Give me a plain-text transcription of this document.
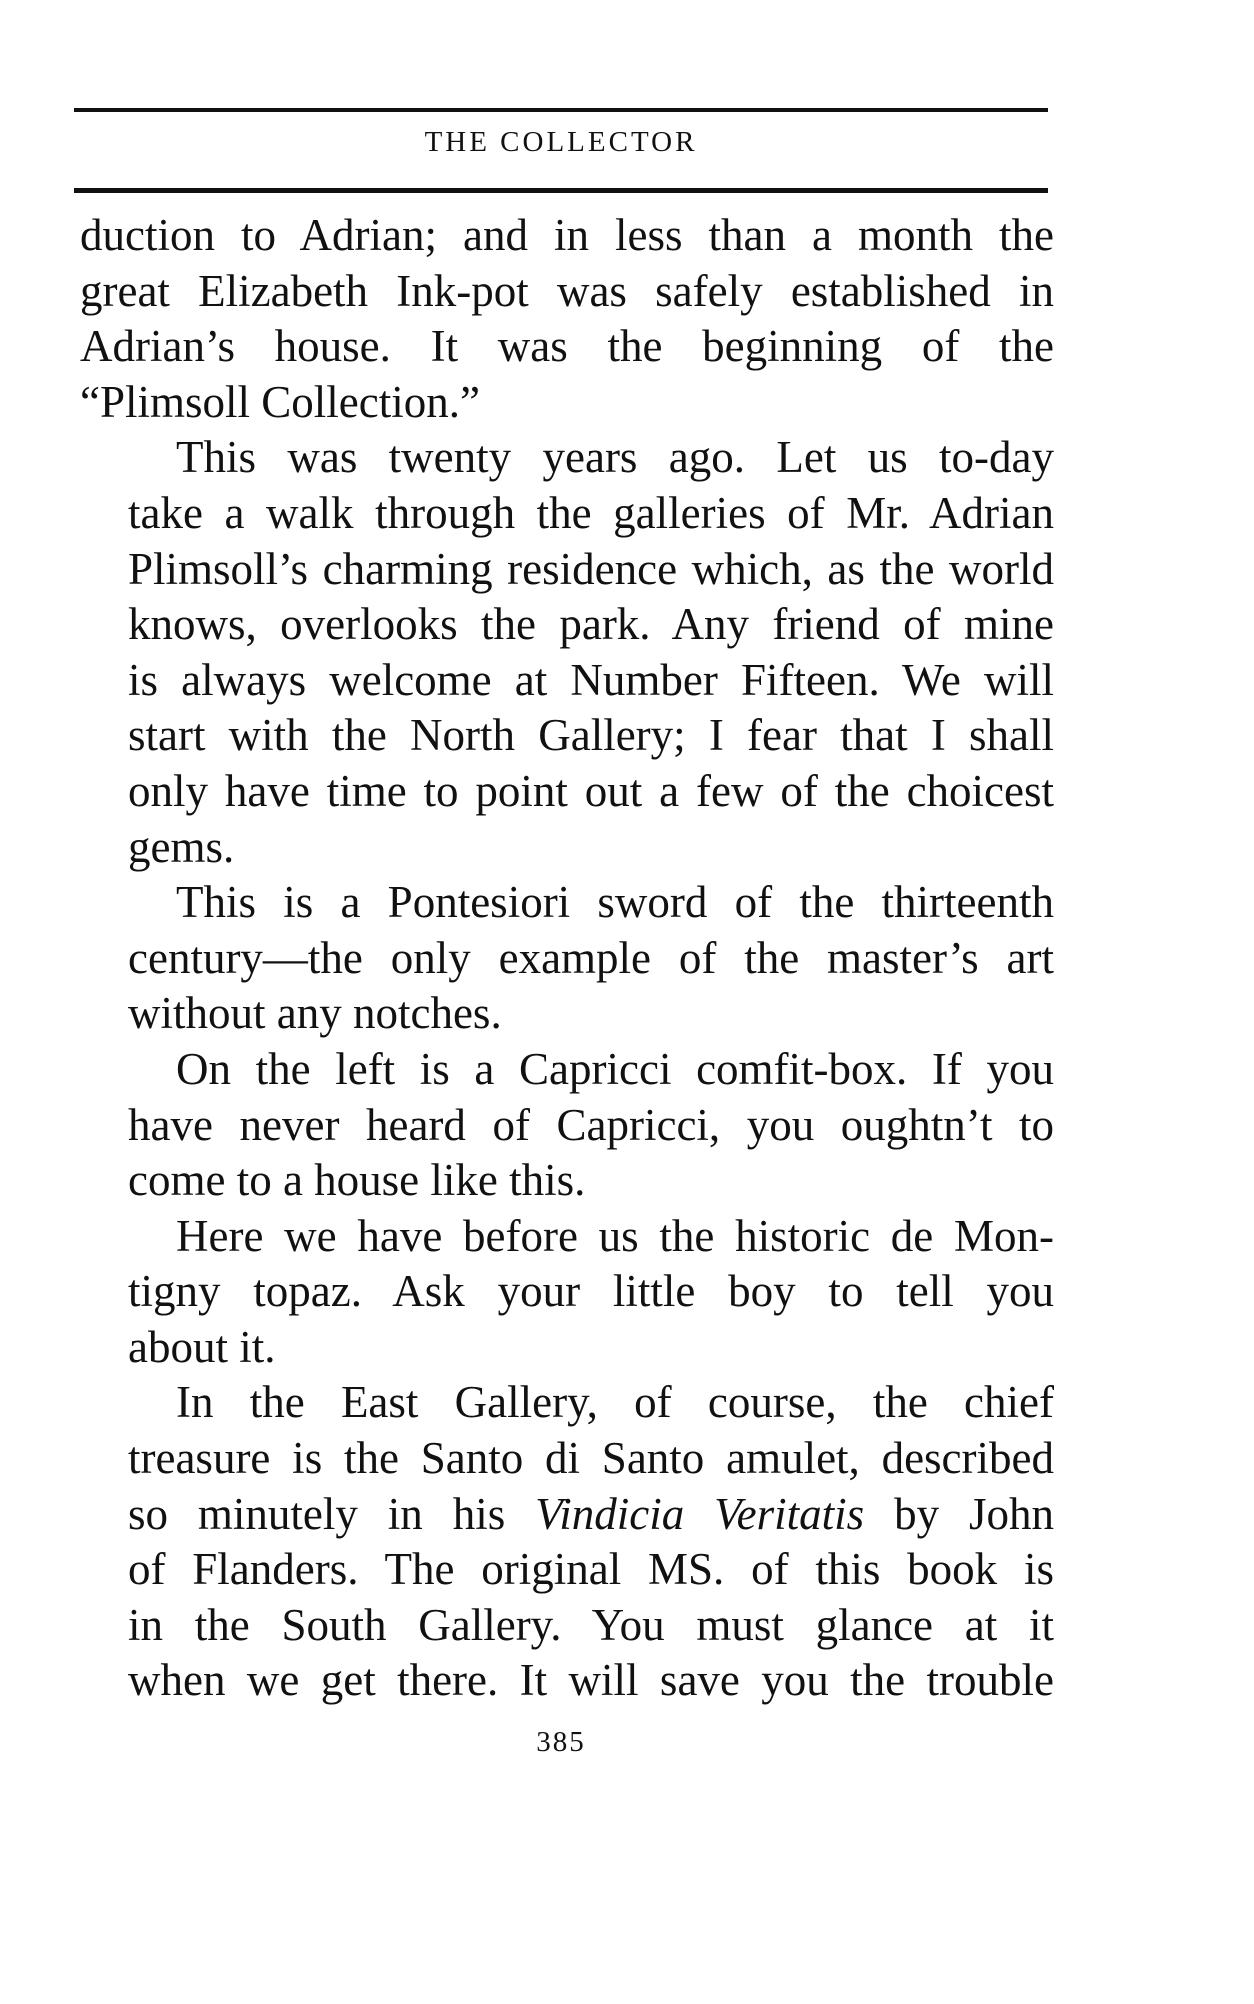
THE COLLECTOR
duction to Adrian; and in less than a month the
great Elizabeth Ink-pot was safely established in
Adrian’s house. It was the beginning of the
“Plimsoll Collection.”
This was twenty years ago. Let us to-day
take a walk through the galleries of Mr. Adrian
Plimsoll’s charming residence which, as the world
knows, overlooks the park. Any friend of mine
is always welcome at Number Fifteen. We will
start with the North Gallery; I fear that I shall
only have time to point out a few of the choicest
gems.
This is a Pontesiori sword of the thirteenth
century—the only example of the master’s art
without any notches.
On the left is a Capricci comfit-box. If you
have never heard of Capricci, you oughtn’t to
come to a house like this.
Here we have before us the historic de Mon-
tigny topaz. Ask your little boy to tell you
about it.
In the East Gallery, of course, the chief
treasure is the Santo di Santo amulet, described
so minutely in his Vindicia Veritatis by John
of Flanders. The original MS. of this book is
in the South Gallery. You must glance at it
when we get there. It will save you the trouble
385
